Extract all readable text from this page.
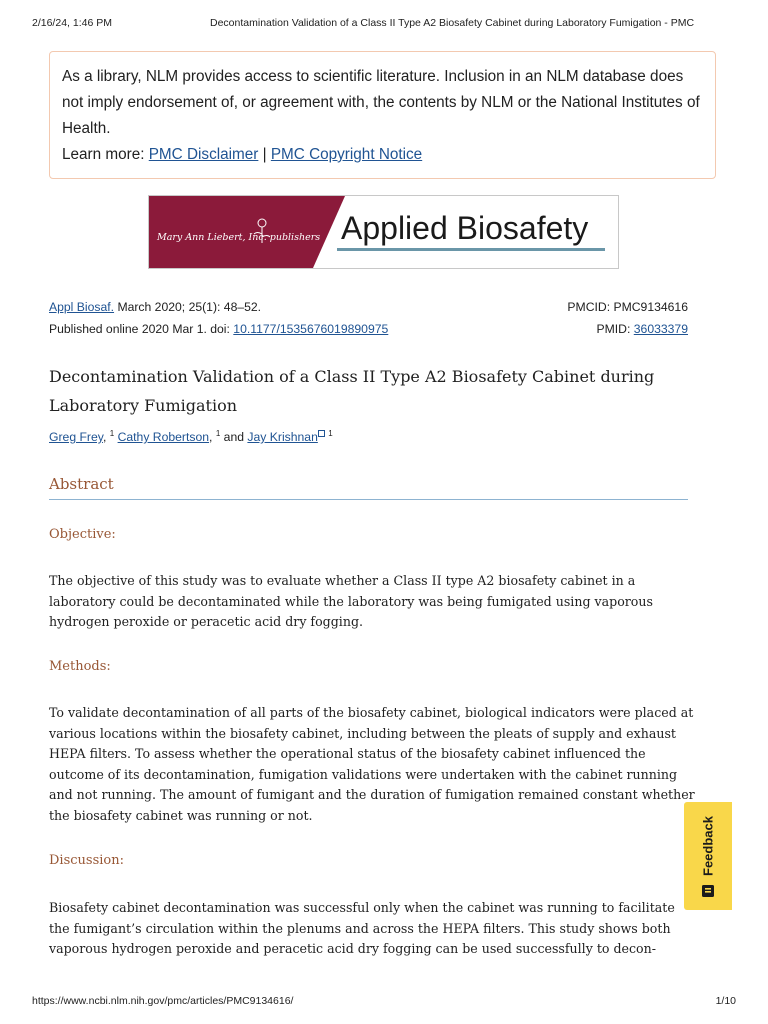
2/16/24, 1:46 PM	Decontamination Validation of a Class II Type A2 Biosafety Cabinet during Laboratory Fumigation - PMC

As a library, NLM provides access to scientific literature. Inclusion in an NLM database does not imply endorsement of, or agreement with, the contents by NLM or the National Institutes of Health.

Learn more: PMC Disclaimer | PMC Copyright Notice

Mary Ann Liebert, Inc. publishers Applied Biosafety
Appl Biosaf. March 2020; 25(1): 48–52.	PMCID: PMC9134616
Published online 2020 Mar 1. doi: 10.1177/1535676019890975	PMID: 36033379
Decontamination Validation of a Class II Type A2 Biosafety Cabinet during Laboratory Fumigation
Greg Frey, $^1$ Cathy Robertson, $^1$ and Jay Krishnan $^1$
Abstract
Objective:

The objective of this study was to evaluate whether a Class II type A2 biosafety cabinet in a laboratory could be decontaminated while the laboratory was being fumigated using vaporous hydrogen peroxide or peracetic acid dry fogging.

Methods:

To validate decontamination of all parts of the biosafety cabinet, biological indicators were placed at various locations within the biosafety cabinet, including between the pleats of supply and exhaust HEPA filters. To assess whether the operational status of the biosafety cabinet influenced the outcome of its decontamination, fumigation validations were undertaken with the cabinet running and not running. The amount of fumigant and the duration of fumigation remained constant whether the biosafety cabinet was running or not.

Discussion:

Biosafety cabinet decontamination was successful only when the cabinet was running to facilitate the fumigant’s circulation within the plenums and across the HEPA filters. This study shows both vaporous hydrogen peroxide and peracetic acid dry fogging can be used successfully to decon-

Feedback
https://www.ncbi.nlm.nih.gov/pmc/articles/PMC9134616/	1/10
